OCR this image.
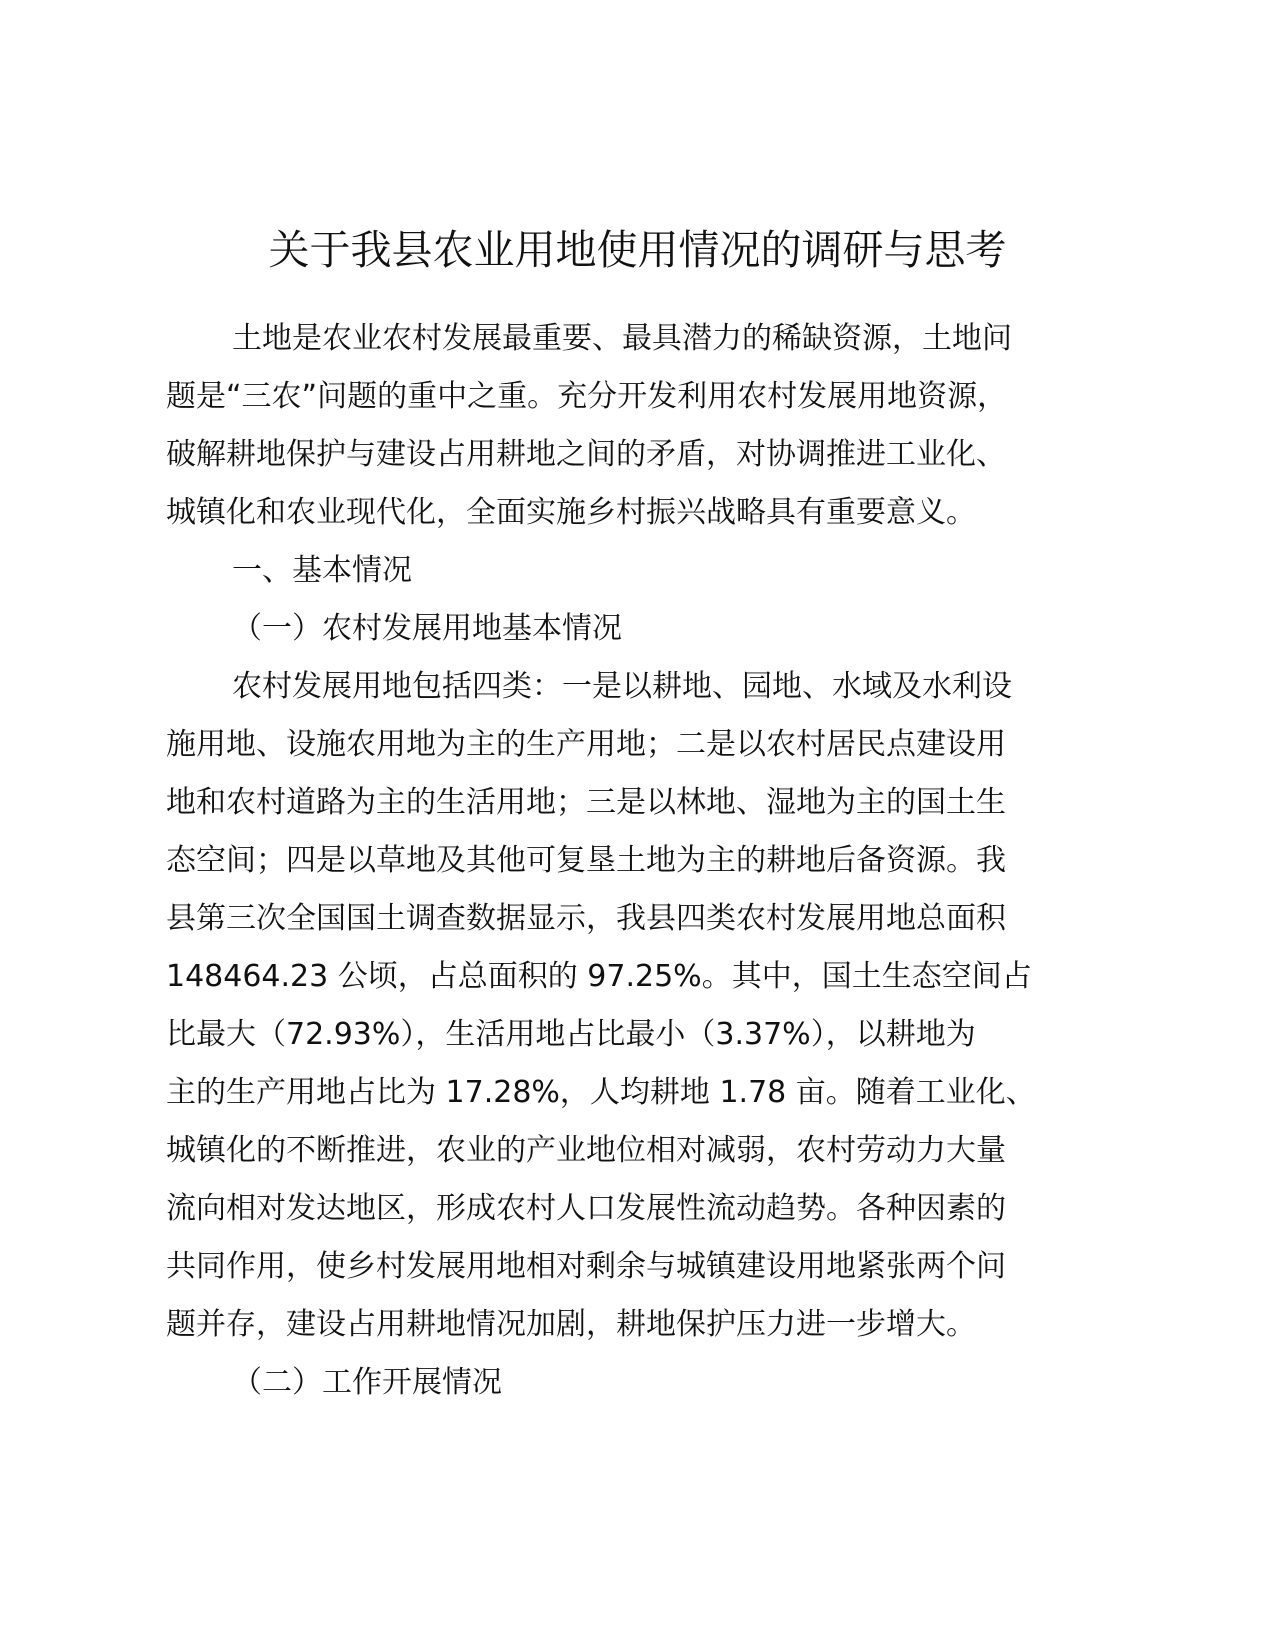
关于我县农业用地使用情况的调研与思考
土地是农业农村发展最重要、最具潜力的稀缺资源，土地问
题是“三农”问题的重中之重。充分开发利用农村发展用地资源，
破解耕地保护与建设占用耕地之间的矛盾，对协调推进工业化、
城镇化和农业现代化，全面实施乡村振兴战略具有重要意义。
一、基本情况
（一）农村发展用地基本情况
农村发展用地包括四类：一是以耕地、园地、水域及水利设
施用地、设施农用地为主的生产用地；二是以农村居民点建设用
地和农村道路为主的生活用地；三是以林地、湿地为主的国土生
态空间；四是以草地及其他可复垦土地为主的耕地后备资源。我
县第三次全国国土调查数据显示，我县四类农村发展用地总面积
148464.23 公顷，占总面积的 97.25%。其中，国土生态空间占
比最大（72.93%），生活用地占比最小（3.37%），以耕地为
主的生产用地占比为 17.28%，人均耕地 1.78 亩。随着工业化、
城镇化的不断推进，农业的产业地位相对减弱，农村劳动力大量
流向相对发达地区，形成农村人口发展性流动趋势。各种因素的
共同作用，使乡村发展用地相对剩余与城镇建设用地紧张两个问
题并存，建设占用耕地情况加剧，耕地保护压力进一步增大。
（二）工作开展情况
